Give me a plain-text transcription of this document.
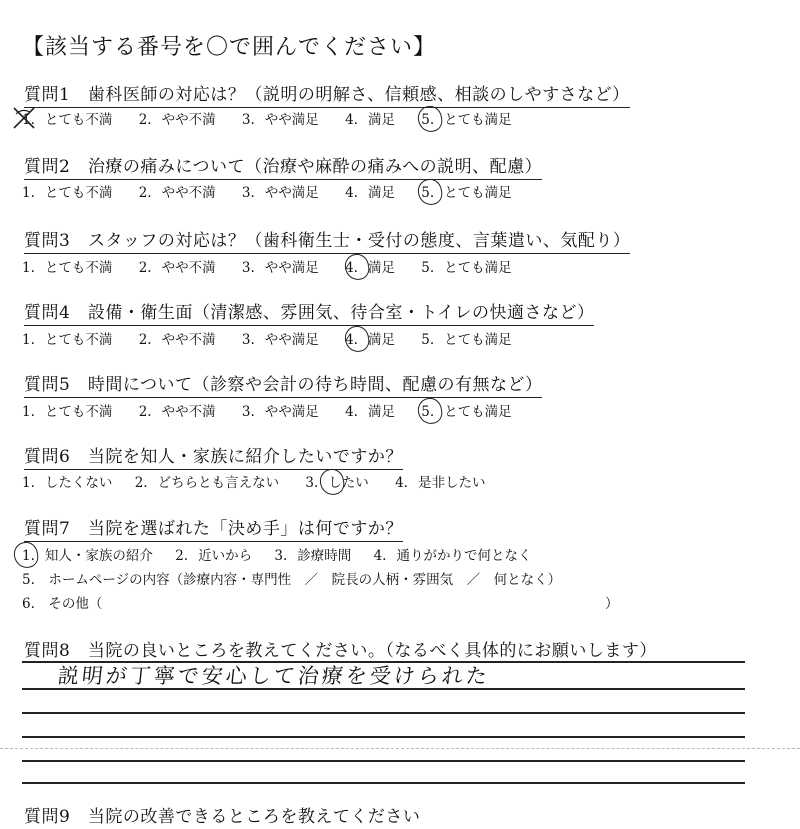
【該当する番号を〇で囲んでください】
質問1　歯科医師の対応は？（説明の明解さ、信頼感、相談のしやすさなど）
1. とても不満 2. やや不満 3. やや満足 4. 満足 5. とても満足
質問2　治療の痛みについて（治療や麻酔の痛みへの説明、配慮）
1. とても不満 2. やや不満 3. やや満足 4. 満足 5. とても満足
質問3　スタッフの対応は？（歯科衛生士・受付の態度、言葉遣い、気配り）
1. とても不満 2. やや不満 3. やや満足 4. 満足 5. とても満足
質問4　設備・衛生面（清潔感、雰囲気、待合室・トイレの快適さなど）
1. とても不満 2. やや不満 3. やや満足 4. 満足 5. とても満足
質問5　時間について（診察や会計の待ち時間、配慮の有無など）
1. とても不満 2. やや不満 3. やや満足 4. 満足 5. とても満足
質問6　当院を知人・家族に紹介したいですか？
1. したくない 2. どちらとも言えない 3. したい 4. 是非したい
質問7　当院を選ばれた「決め手」は何ですか？
1. 知人・家族の紹介 2. 近いから 3. 診療時間 4. 通りがかりで何となく
5.　ホームページの内容（診療内容・専門性　／　院長の人柄・雰囲気　／　何となく）
6.　その他（	）
質問8　当院の良いところを教えてください。（なるべく具体的にお願いします）
説明が丁寧で安心して治療を受けられた
質問9　当院の改善できるところを教えてください
